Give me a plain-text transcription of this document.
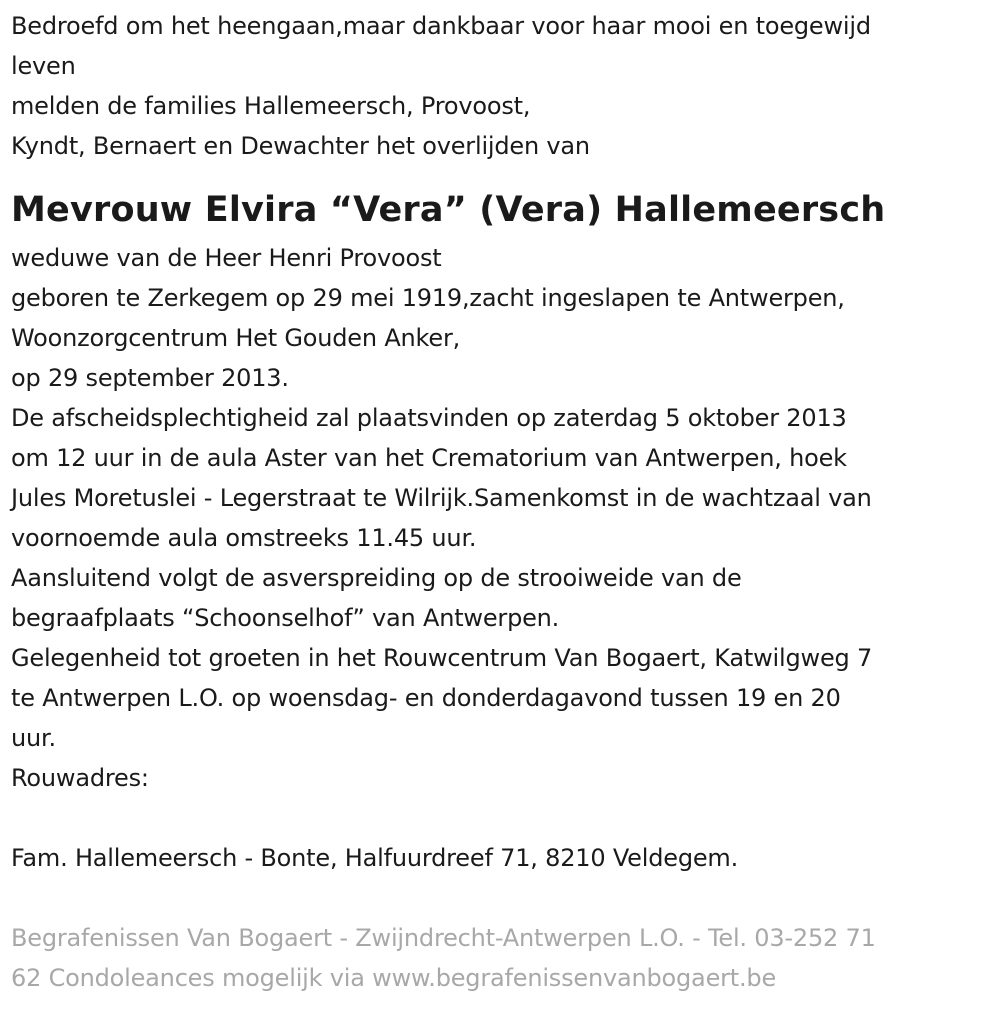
Bedroefd om het heengaan,maar dankbaar voor haar mooi en toegewijd
leven
melden de families Hallemeersch, Provoost,
Kyndt, Bernaert en Dewachter het overlijden van
Mevrouw Elvira “Vera” (Vera) Hallemeersch
weduwe van de Heer Henri Provoost
geboren te Zerkegem op 29 mei 1919,zacht ingeslapen te Antwerpen,
Woonzorgcentrum Het Gouden Anker,
op 29 september 2013.
De afscheidsplechtigheid zal plaatsvinden op zaterdag 5 oktober 2013
om 12 uur in de aula Aster van het Crematorium van Antwerpen, hoek
Jules Moretuslei - Legerstraat te Wilrijk.Samenkomst in de wachtzaal van
voornoemde aula omstreeks 11.45 uur.
Aansluitend volgt de asverspreiding op de strooiweide van de
begraafplaats “Schoonselhof” van Antwerpen.
Gelegenheid tot groeten in het Rouwcentrum Van Bogaert, Katwilgweg 7
te Antwerpen L.O. op woensdag- en donderdagavond tussen 19 en 20
uur.
Rouwadres:
Fam. Hallemeersch - Bonte, Halfuurdreef 71, 8210 Veldegem.
Begrafenissen Van Bogaert - Zwijndrecht-Antwerpen L.O. - Tel. 03-252 71
62 Condoleances mogelijk via www.begrafenissenvanbogaert.be
